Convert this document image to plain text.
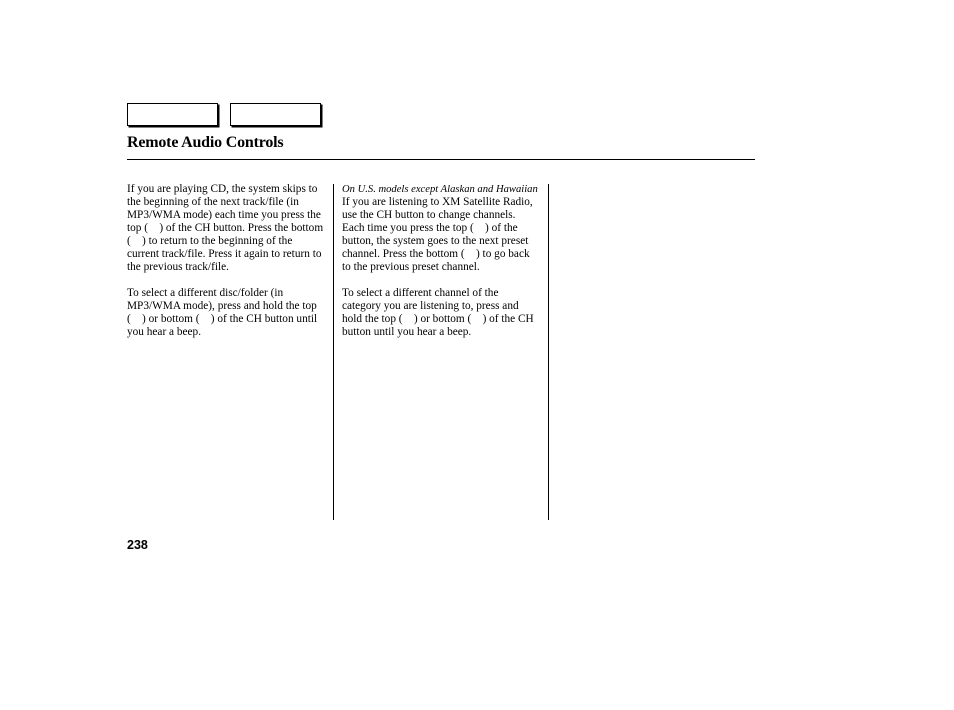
Remote Audio Controls

If you are playing CD, the system skips to the beginning of the next track/file (in MP3/WMA mode) each time you press the top ( ) of the CH button. Press the bottom ( ) to return to the beginning of the current track/file. Press it again to return to the previous track/file.

To select a different disc/folder (in MP3/WMA mode), press and hold the top ( ) or bottom ( ) of the CH button until you hear a beep.

On U.S. models except Alaskan and Hawaiian

If you are listening to XM Satellite Radio, use the CH button to change channels. Each time you press the top ( ) of the button, the system goes to the next preset channel. Press the bottom ( ) to go back to the previous preset channel.

To select a different channel of the category you are listening to, press and hold the top ( ) or bottom ( ) of the CH button until you hear a beep.

238
